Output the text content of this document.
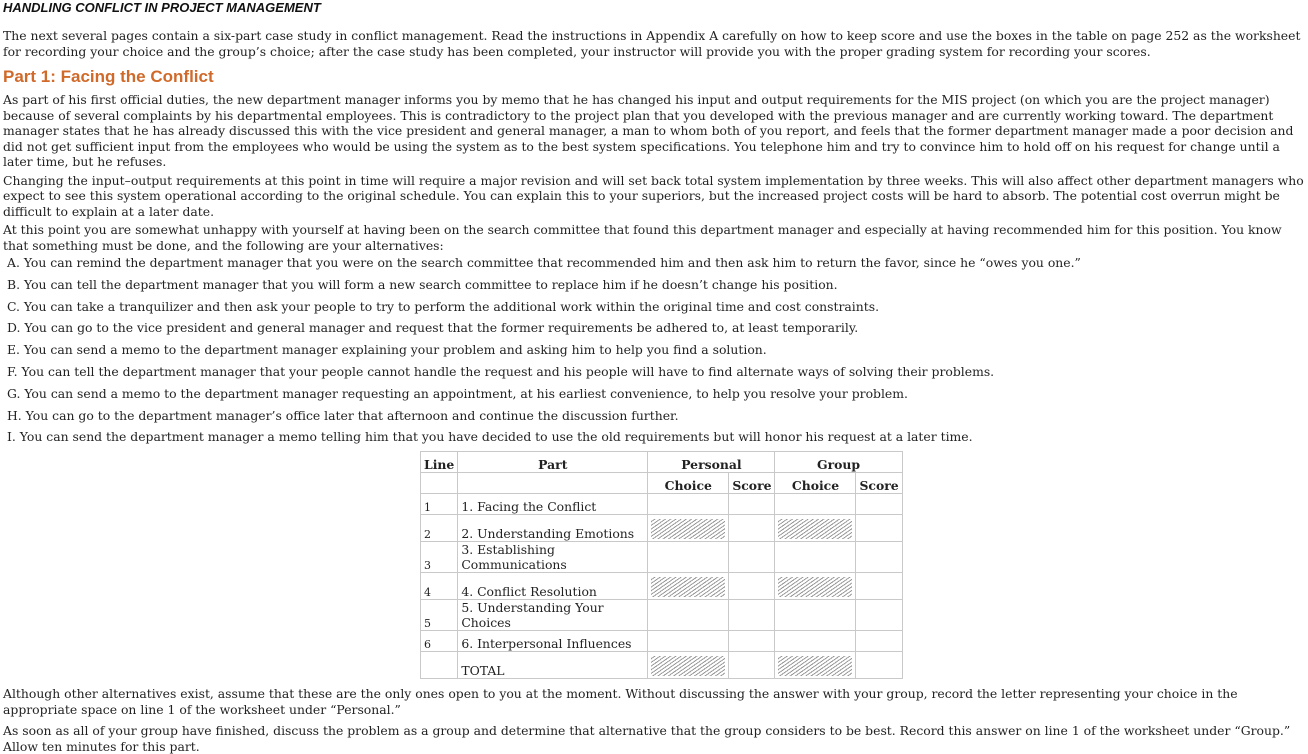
HANDLING CONFLICT IN PROJECT MANAGEMENT

The next several pages contain a six-part case study in conflict management. Read the instructions in Appendix A carefully on how to keep score and use the boxes in the table on page 252 as the worksheet for recording your choice and the group’s choice; after the case study has been completed, your instructor will provide you with the proper grading system for recording your scores.

Part 1: Facing the Conflict

As part of his first official duties, the new department manager informs you by memo that he has changed his input and output requirements for the MIS project (on which you are the project manager) because of several complaints by his departmental employees. This is contradictory to the project plan that you developed with the previous manager and are currently working toward. The department manager states that he has already discussed this with the vice president and general manager, a man to whom both of you report, and feels that the former department manager made a poor decision and did not get sufficient input from the employees who would be using the system as to the best system specifications. You telephone him and try to convince him to hold off on his request for change until a later time, but he refuses.

Changing the input–output requirements at this point in time will require a major revision and will set back total system implementation by three weeks. This will also affect other department managers who expect to see this system operational according to the original schedule. You can explain this to your superiors, but the increased project costs will be hard to absorb. The potential cost overrun might be difficult to explain at a later date.

At this point you are somewhat unhappy with yourself at having been on the search committee that found this department manager and especially at having recommended him for this position. You know that something must be done, and the following are your alternatives:

A. You can remind the department manager that you were on the search committee that recommended him and then ask him to return the favor, since he “owes you one.”
B. You can tell the department manager that you will form a new search committee to replace him if he doesn’t change his position.
C. You can take a tranquilizer and then ask your people to try to perform the additional work within the original time and cost constraints.
D. You can go to the vice president and general manager and request that the former requirements be adhered to, at least temporarily.
E. You can send a memo to the department manager explaining your problem and asking him to help you find a solution.
F. You can tell the department manager that your people cannot handle the request and his people will have to find alternate ways of solving their problems.
G. You can send a memo to the department manager requesting an appointment, at his earliest convenience, to help you resolve your problem.
H. You can go to the department manager’s office later that afternoon and continue the discussion further.
I. You can send the department manager a memo telling him that you have decided to use the old requirements but will honor his request at a later time.
Line	Part	Personal		Group	
		Choice	Score	Choice	Score
1	1. Facing the Conflict				
2	2. Understanding Emotions	

3	3. Establishing Communications				
4	4. Conflict Resolution	

5	5. Understanding Your Choices				
6	6. Interpersonal Influences				
	TOTAL	

Although other alternatives exist, assume that these are the only ones open to you at the moment. Without discussing the answer with your group, record the letter representing your choice in the appropriate space on line 1 of the worksheet under “Personal.”

As soon as all of your group have finished, discuss the problem as a group and determine that alternative that the group considers to be best. Record this answer on line 1 of the worksheet under “Group.” Allow ten minutes for this part.
